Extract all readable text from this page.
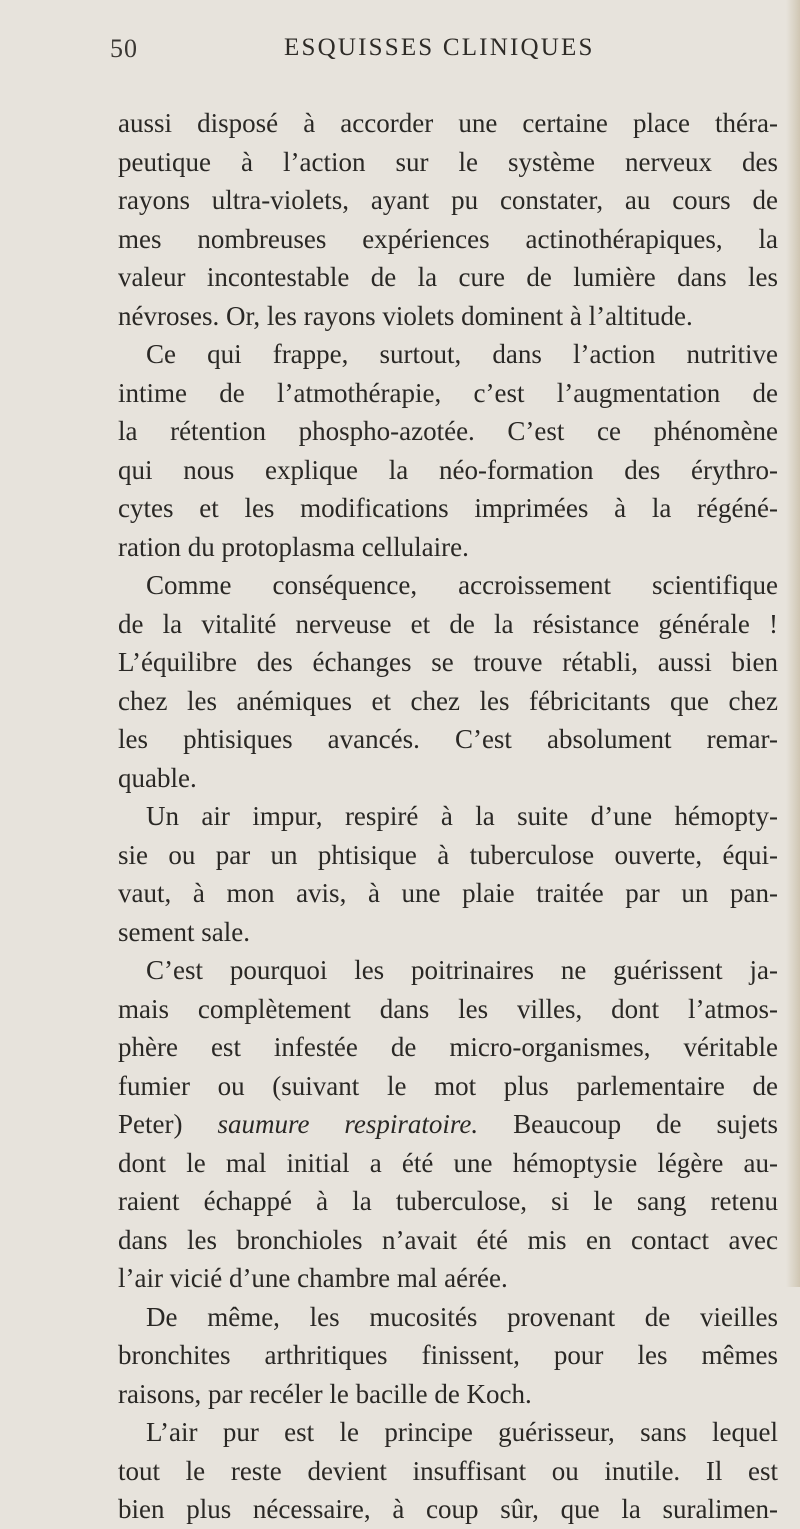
50	ESQUISSES CLINIQUES
aussi disposé à accorder une certaine place théra-
peutique à l’action sur le système nerveux des
rayons ultra-violets, ayant pu constater, au cours de
mes nombreuses expériences actinothérapiques, la
valeur incontestable de la cure de lumière dans les
névroses. Or, les rayons violets dominent à l’altitude.
Ce qui frappe, surtout, dans l’action nutritive
intime de l’atmothérapie, c’est l’augmentation de
la rétention phospho-azotée. C’est ce phénomène
qui nous explique la néo-formation des érythro-
cytes et les modifications imprimées à la régéné-
ration du protoplasma cellulaire.
Comme conséquence, accroissement scientifique
de la vitalité nerveuse et de la résistance générale !
L’équilibre des échanges se trouve rétabli, aussi bien
chez les anémiques et chez les fébricitants que chez
les phtisiques avancés. C’est absolument remar-
quable.
Un air impur, respiré à la suite d’une hémopty-
sie ou par un phtisique à tuberculose ouverte, équi-
vaut, à mon avis, à une plaie traitée par un pan-
sement sale.
C’est pourquoi les poitrinaires ne guérissent ja-
mais complètement dans les villes, dont l’atmos-
phère est infestée de micro-organismes, véritable
fumier ou (suivant le mot plus parlementaire de
Peter) saumure respiratoire. Beaucoup de sujets
dont le mal initial a été une hémoptysie légère au-
raient échappé à la tuberculose, si le sang retenu
dans les bronchioles n’avait été mis en contact avec
l’air vicié d’une chambre mal aérée.
De même, les mucosités provenant de vieilles
bronchites arthritiques finissent, pour les mêmes
raisons, par recéler le bacille de Koch.
L’air pur est le principe guérisseur, sans lequel
tout le reste devient insuffisant ou inutile. Il est
bien plus nécessaire, à coup sûr, que la suralimen-
